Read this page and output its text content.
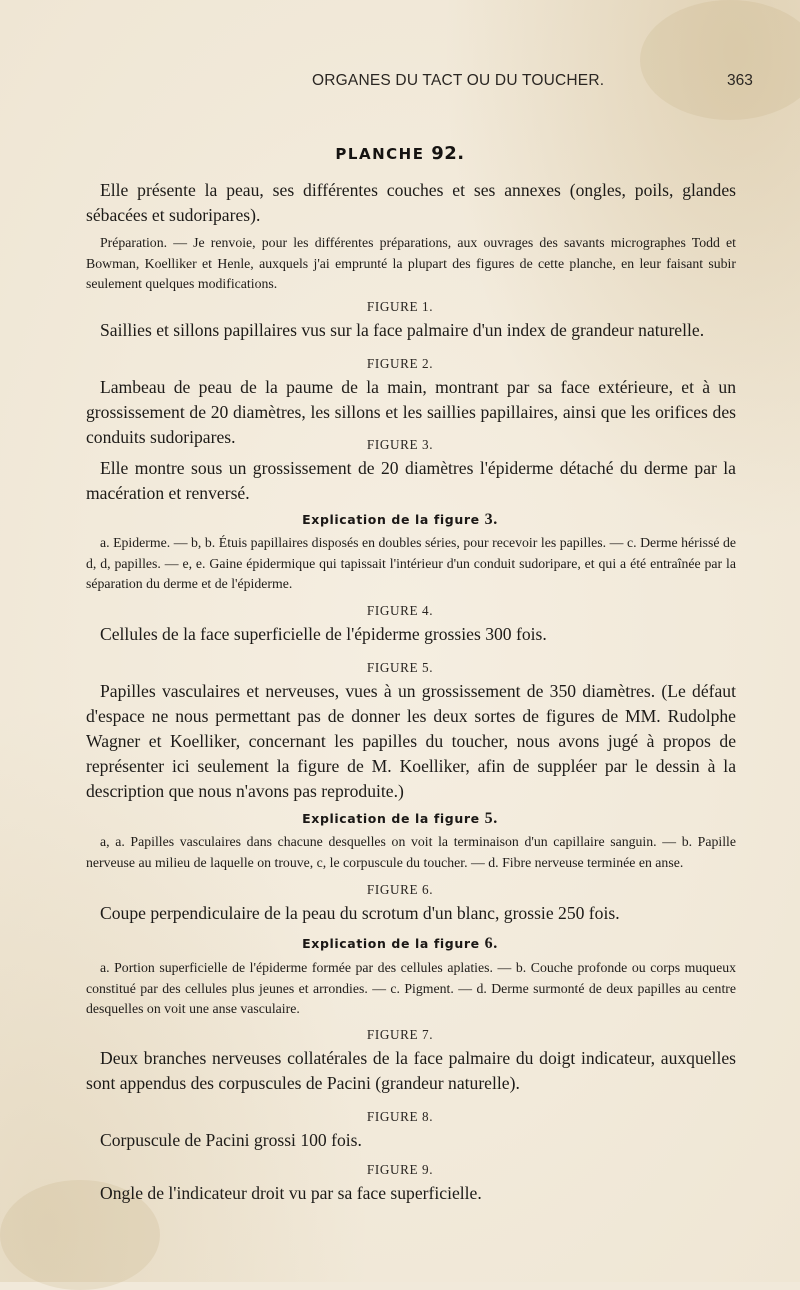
ORGANES DU TACT OU DU TOUCHER.	363
PLANCHE 92.
Elle présente la peau, ses différentes couches et ses annexes (ongles, poils, glandes sébacées et sudoripares).
Préparation. — Je renvoie, pour les différentes préparations, aux ouvrages des savants micrographes Todd et Bowman, Koelliker et Henle, auxquels j'ai emprunté la plupart des figures de cette planche, en leur faisant subir seulement quelques modifications.
FIGURE 1.
Saillies et sillons papillaires vus sur la face palmaire d'un index de grandeur naturelle.
FIGURE 2.
Lambeau de peau de la paume de la main, montrant par sa face extérieure, et à un grossissement de 20 diamètres, les sillons et les saillies papillaires, ainsi que les orifices des conduits sudoripares.	FIGURE 3.
Elle montre sous un grossissement de 20 diamètres l'épiderme détaché du derme par la macération et renversé.
Explication de la figure 3.
a. Epiderme. — b, b. Étuis papillaires disposés en doubles séries, pour recevoir les papilles. — c. Derme hérissé de d, d, papilles. — e, e. Gaine épidermique qui tapissait l'intérieur d'un conduit sudoripare, et qui a été entraînée par la séparation du derme et de l'épiderme.
FIGURE 4.
Cellules de la face superficielle de l'épiderme grossies 300 fois.
FIGURE 5.
Papilles vasculaires et nerveuses, vues à un grossissement de 350 diamètres. (Le défaut d'espace ne nous permettant pas de donner les deux sortes de figures de MM. Rudolphe Wagner et Koelliker, concernant les papilles du toucher, nous avons jugé à propos de représenter ici seulement la figure de M. Koelliker, afin de suppléer par le dessin à la description que nous n'avons pas reproduite.)
Explication de la figure 5.
a, a. Papilles vasculaires dans chacune desquelles on voit la terminaison d'un capillaire sanguin. — b. Papille nerveuse au milieu de laquelle on trouve, c, le corpuscule du toucher. — d. Fibre nerveuse terminée en anse.
FIGURE 6.
Coupe perpendiculaire de la peau du scrotum d'un blanc, grossie 250 fois.
Explication de la figure 6.
a. Portion superficielle de l'épiderme formée par des cellules aplaties. — b. Couche profonde ou corps muqueux constitué par des cellules plus jeunes et arrondies. — c. Pigment. — d. Derme surmonté de deux papilles au centre desquelles on voit une anse vasculaire.
FIGURE 7.
Deux branches nerveuses collatérales de la face palmaire du doigt indicateur, auxquelles sont appendus des corpuscules de Pacini (grandeur naturelle).
FIGURE 8.
Corpuscule de Pacini grossi 100 fois.
FIGURE 9.
Ongle de l'indicateur droit vu par sa face superficielle.
